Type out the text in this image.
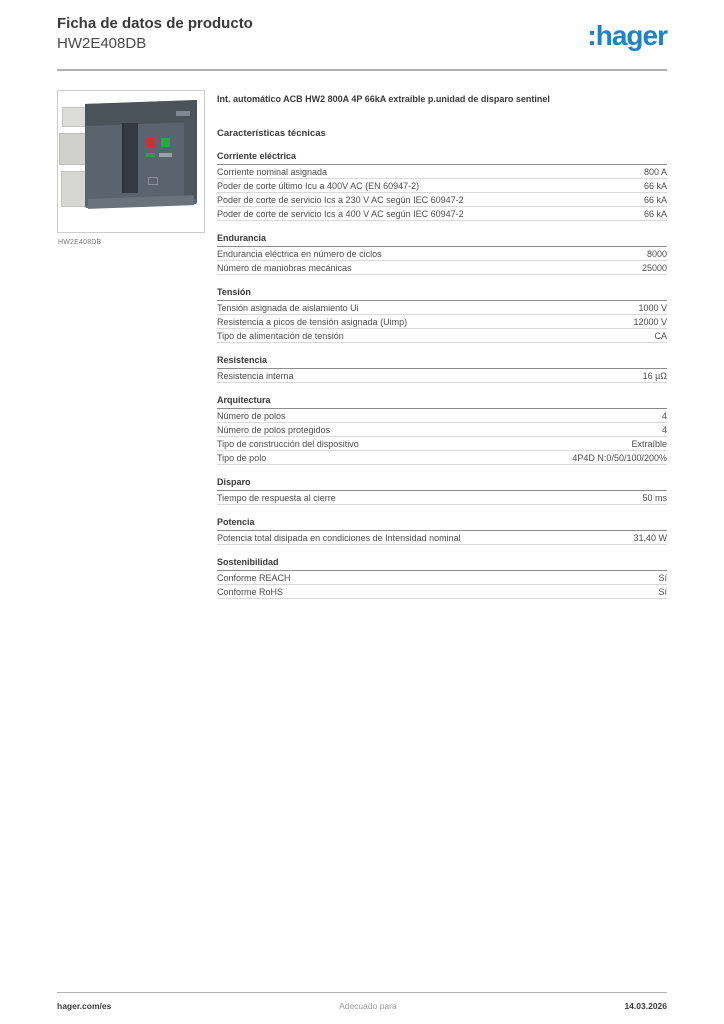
Ficha de datos de producto
HW2E408DB	:hager
HW2E408DB
Int. automático ACB HW2 800A 4P 66kA extraíble p.unidad de disparo sentinel
Características técnicas
Corriente eléctrica
Corriente nominal asignada	800 A
Poder de corte último Icu a 400V AC (EN 60947-2)	66 kA
Poder de corte de servicio Ics a 230 V AC según IEC 60947-2	66 kA
Poder de corte de servicio Ics a 400 V AC según IEC 60947-2	66 kA
Endurancia
Endurancia eléctrica en número de ciclos	8000
Número de maniobras mecánicas	25000
Tensión
Tensión asignada de aislamiento Ui	1000 V
Resistencia a picos de tensión asignada (Uimp)	12000 V
Tipo de alimentación de tensión	CA
Resistencia
Resistencia interna	16 µΩ
Arquitectura
Número de polos	4
Número de polos protegidos	4
Tipo de construcción del dispositivo	Extraíble
Tipo de polo	4P4D N:0/50/100/200%
Disparo
Tiempo de respuesta al cierre	50 ms
Potencia
Potencia total disipada en condiciones de Intensidad nominal	31,40 W
Sostenibilidad
Conforme REACH	Sí
Conforme RoHS	Sí
hager.com/es	Adecuado para	14.03.2026
